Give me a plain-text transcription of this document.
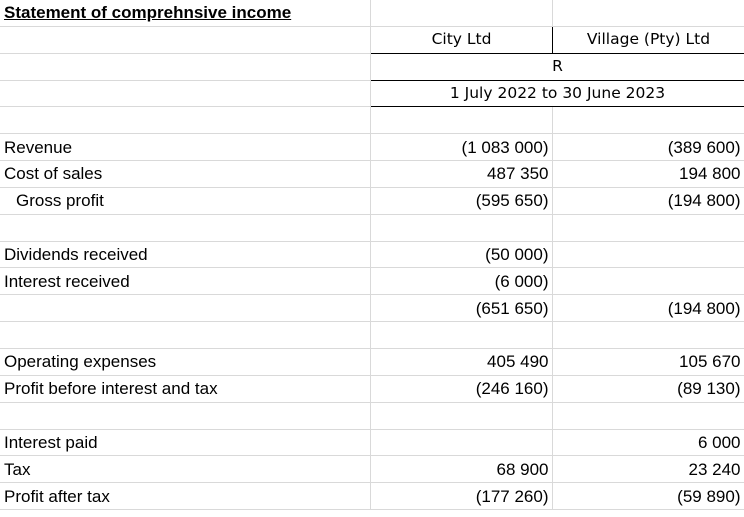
Statement of comprehnsive income		
	City Ltd	Village (Pty) Ltd
	R	
	1 July 2022 to 30 June 2023	

Revenue	(1 083 000)	(389 600)
Cost of sales	487 350	194 800
Gross profit	(595 650)	(194 800)

Dividends received	(50 000)	
Interest received	(6 000)	
	(651 650)	(194 800)

Operating expenses	405 490	105 670
Profit before interest and tax	(246 160)	(89 130)

Interest paid		6 000
Tax	68 900	23 240
Profit after tax	(177 260)	(59 890)
